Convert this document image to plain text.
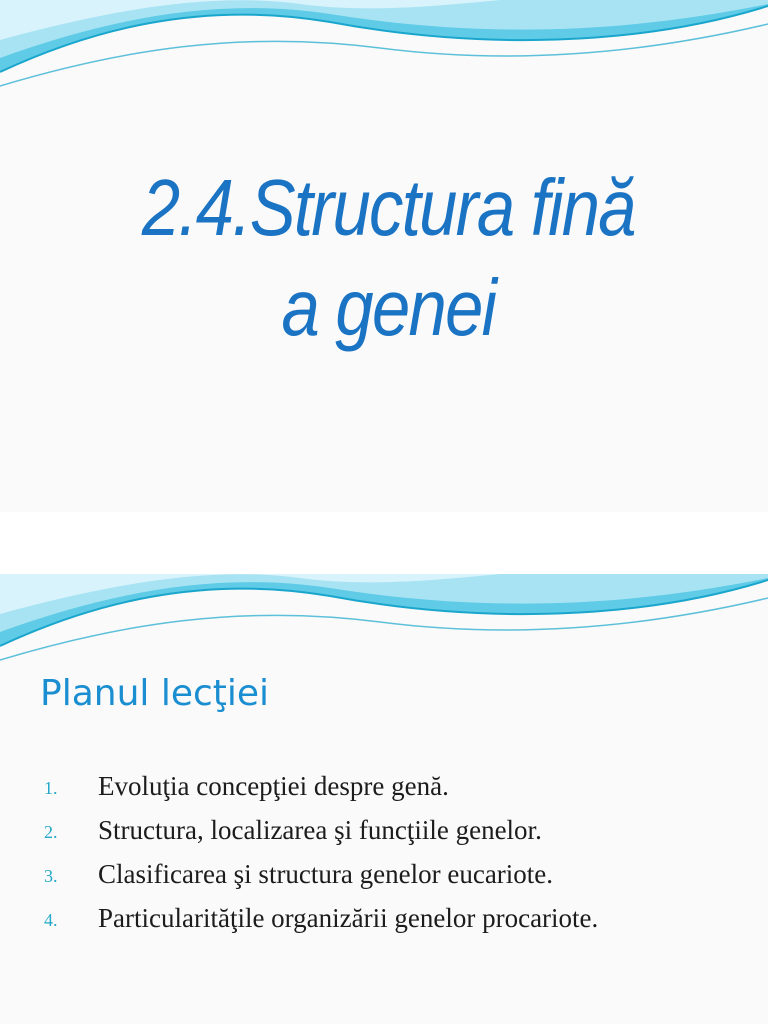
2.4.Structura fină
a genei
Planul lecţiei
1. Evoluţia concepţiei despre genă.
2. Structura, localizarea şi funcţiile genelor.
3. Clasificarea şi structura genelor eucariote.
4. Particularităţile organizării genelor procariote.
